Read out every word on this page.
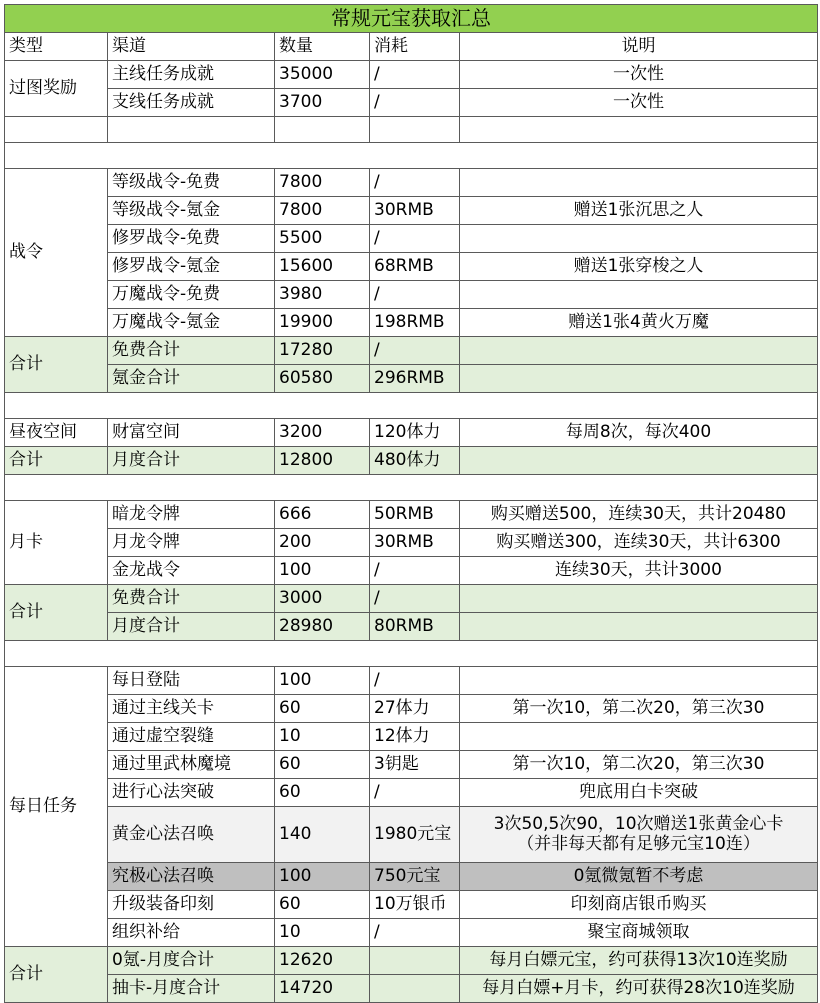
常规元宝获取汇总				
类型	渠道	数量	消耗	说明
过图奖励	主线任务成就	35000	/	一次性
	支线任务成就	3700	/	一次性

战令	等级战令-免费	7800	/	
	等级战令-氪金	7800	30RMB	赠送1张沉思之人
	修罗战令-免费	5500	/	
	修罗战令-氪金	15600	68RMB	赠送1张穿梭之人
	万魔战令-免费	3980	/	
	万魔战令-氪金	19900	198RMB	赠送1张4黄火万魔
合计	免费合计	17280	/	
	氪金合计	60580	296RMB	

昼夜空间	财富空间	3200	120体力	每周8次，每次400
合计	月度合计	12800	480体力	

月卡	暗龙令牌	666	50RMB	购买赠送500，连续30天，共计20480
	月龙令牌	200	30RMB	购买赠送300，连续30天，共计6300
	金龙战令	100	/	连续30天，共计3000
合计	免费合计	3000	/	
	月度合计	28980	80RMB	

每日任务	每日登陆	100	/	
	通过主线关卡	60	27体力	第一次10，第二次20，第三次30
	通过虚空裂缝	10	12体力	
	通过里武林魔境	60	3钥匙	第一次10，第二次20，第三次30
	进行心法突破	60	/	兜底用白卡突破
	黄金心法召唤	140	1980元宝	3次50,5次90，10次赠送1张黄金心卡
（并非每天都有足够元宝10连）

	究极心法召唤	100	750元宝	0氪微氪暂不考虑
	升级装备印刻	60	10万银币	印刻商店银币购买
	组织补给	10	/	聚宝商城领取
合计	0氪-月度合计	12620		每月白嫖元宝，约可获得13次10连奖励
	抽卡-月度合计	14720		每月白嫖+月卡，约可获得28次10连奖励
